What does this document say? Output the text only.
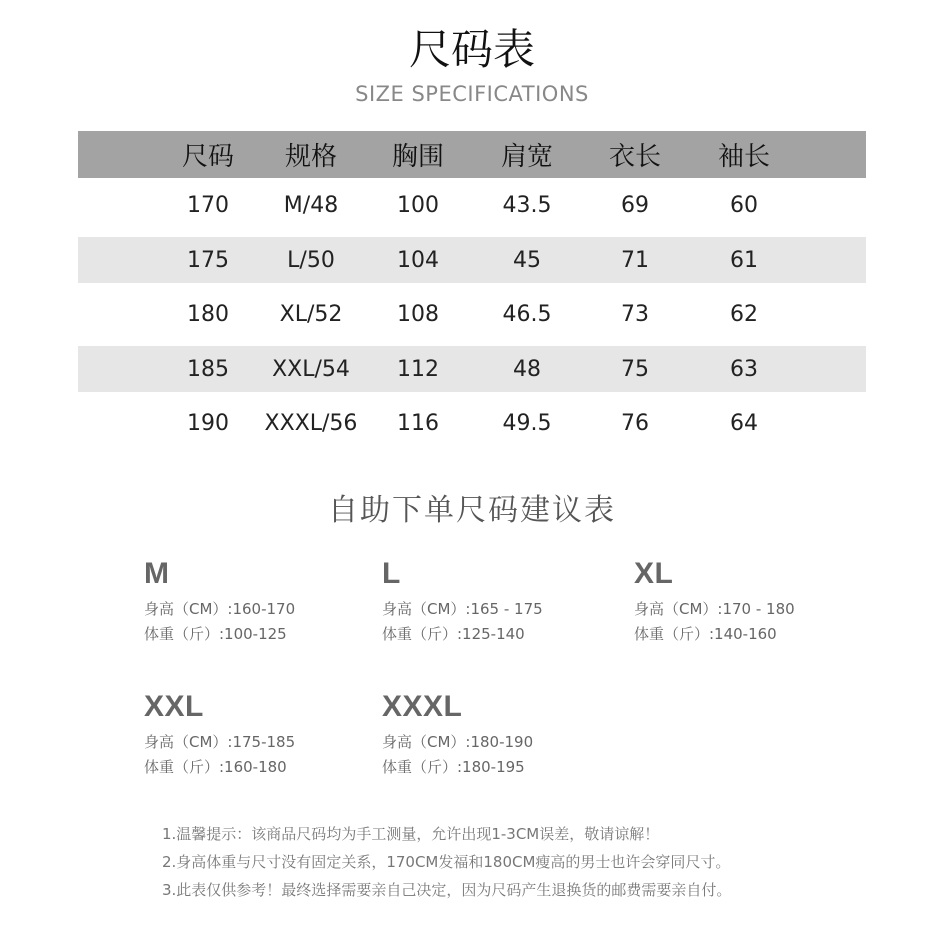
尺码表
SIZE SPECIFICATIONS
尺码	规格	胸围	肩宽	衣长	袖长
170	M/48	100	43.5	69	60
175	L/50	104	45	71	61
180	XL/52	108	46.5	73	62
185	XXL/54	112	48	75	63
190	XXXL/56	116	49.5	76	64
自助下单尺码建议表
M
身高（CM）:160-170
体重（斤）:100-125
L
身高（CM）:165 - 175
体重（斤）:125-140
XL
身高（CM）:170 - 180
体重（斤）:140-160
XXL
身高（CM）:175-185
体重（斤）:160-180
XXXL
身高（CM）:180-190
体重（斤）:180-195
1.温馨提示：该商品尺码均为手工测量，允许出现1-3CM误差，敬请谅解！
2.身高体重与尺寸没有固定关系，170CM发福和180CM瘦高的男士也许会穿同尺寸。
3.此表仅供参考！最终选择需要亲自己决定，因为尺码产生退换货的邮费需要亲自付。
